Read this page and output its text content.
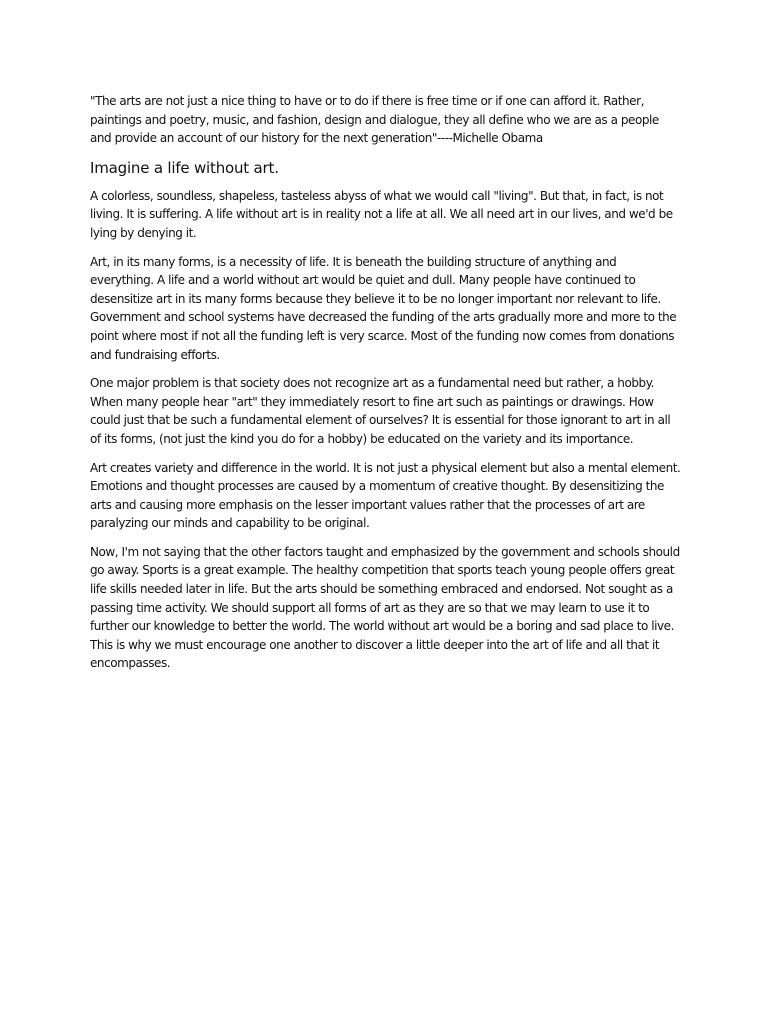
"The arts are not just a nice thing to have or to do if there is free time or if one can afford it. Rather, paintings and poetry, music, and fashion, design and dialogue, they all define who we are as a people and provide an account of our history for the next generation"----Michelle Obama

Imagine a life without art.

A colorless, soundless, shapeless, tasteless abyss of what we would call "living". But that, in fact, is not living. It is suffering. A life without art is in reality not a life at all. We all need art in our lives, and we'd be lying by denying it.

Art, in its many forms, is a necessity of life. It is beneath the building structure of anything and everything. A life and a world without art would be quiet and dull. Many people have continued to desensitize art in its many forms because they believe it to be no longer important nor relevant to life. Government and school systems have decreased the funding of the arts gradually more and more to the point where most if not all the funding left is very scarce. Most of the funding now comes from donations and fundraising efforts.

One major problem is that society does not recognize art as a fundamental need but rather, a hobby. When many people hear "art" they immediately resort to fine art such as paintings or drawings. How could just that be such a fundamental element of ourselves? It is essential for those ignorant to art in all of its forms, (not just the kind you do for a hobby) be educated on the variety and its importance.

Art creates variety and difference in the world. It is not just a physical element but also a mental element. Emotions and thought processes are caused by a momentum of creative thought. By desensitizing the arts and causing more emphasis on the lesser important values rather that the processes of art are paralyzing our minds and capability to be original.

Now, I'm not saying that the other factors taught and emphasized by the government and schools should go away. Sports is a great example. The healthy competition that sports teach young people offers great life skills needed later in life. But the arts should be something embraced and endorsed. Not sought as a passing time activity. We should support all forms of art as they are so that we may learn to use it to further our knowledge to better the world. The world without art would be a boring and sad place to live. This is why we must encourage one another to discover a little deeper into the art of life and all that it encompasses.
